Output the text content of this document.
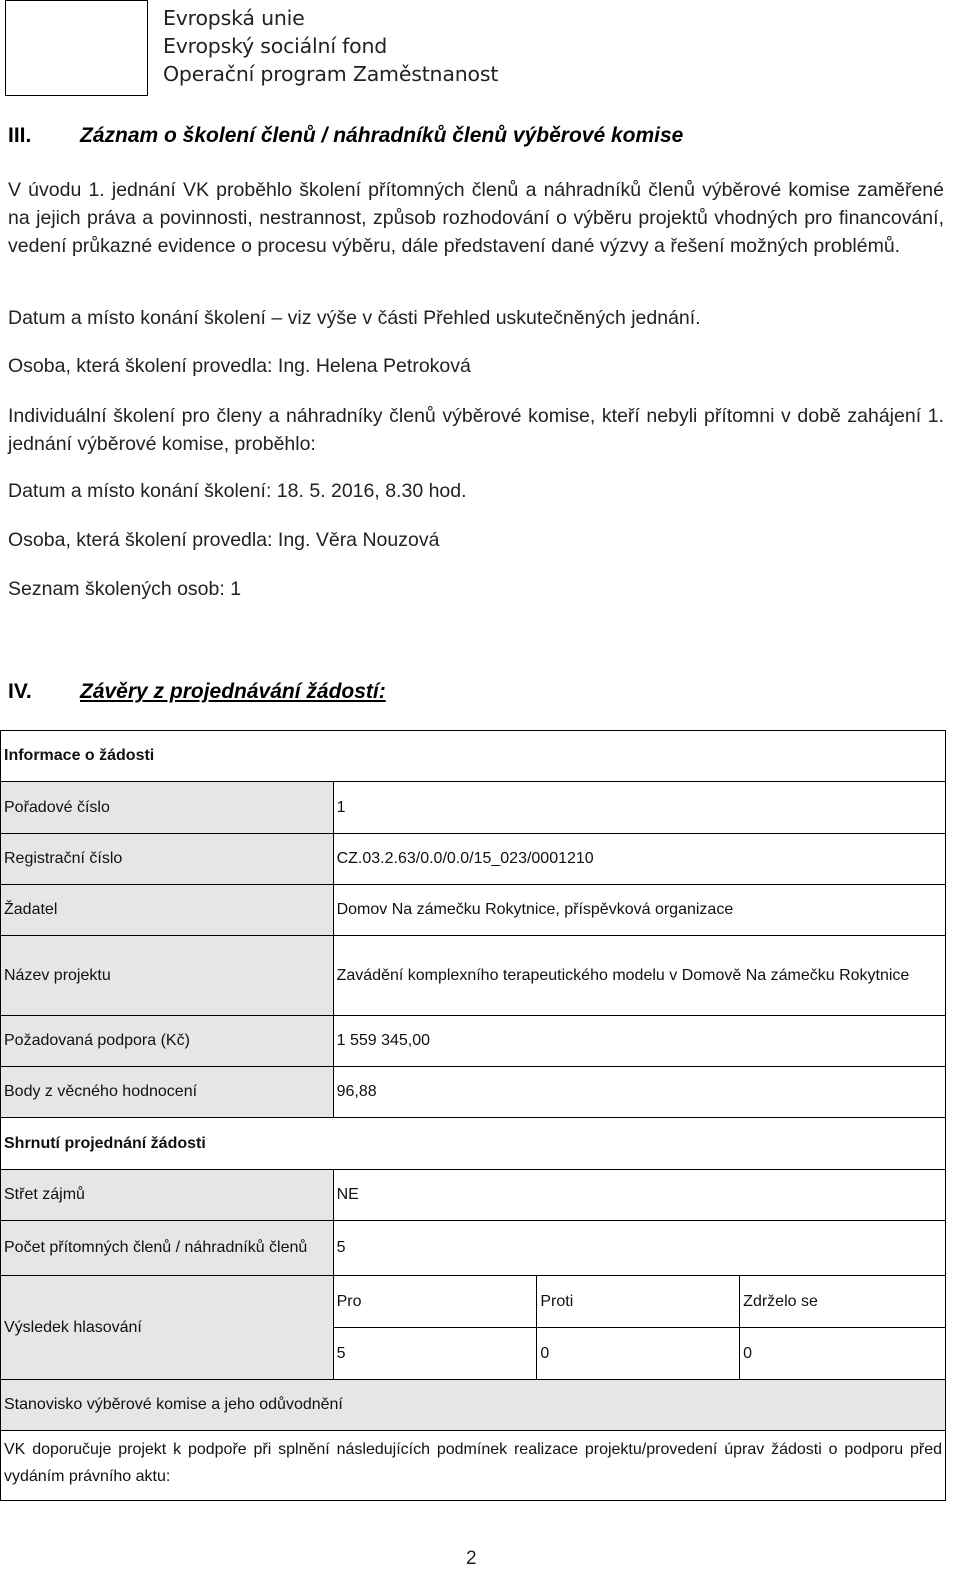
Evropská unie
Evropský sociální fond
Operační program Zaměstnanost
III. Záznam o školení členů / náhradníků členů výběrové komise
V úvodu 1. jednání VK proběhlo školení přítomných členů a náhradníků členů výběrové komise zaměřené na jejich práva a povinnosti, nestrannost, způsob rozhodování o výběru projektů vhodných pro financování, vedení průkazné evidence o procesu výběru, dále představení dané výzvy a řešení možných problémů.
Datum a místo konání školení – viz výše v části Přehled uskutečněných jednání.
Osoba, která školení provedla: Ing. Helena Petroková
Individuální školení pro členy a náhradníky členů výběrové komise, kteří nebyli přítomni v době zahájení 1. jednání výběrové komise, proběhlo:
Datum a místo konání školení: 18. 5. 2016, 8.30 hod.
Osoba, která školení provedla: Ing. Věra Nouzová
Seznam školených osob: 1
IV. Závěry z projednávání žádostí:
Informace o žádosti			
Pořadové číslo	1		
Registrační číslo	CZ.03.2.63/0.0/0.0/15_023/0001210		
Žadatel	Domov Na zámečku Rokytnice, příspěvková organizace		
Název projektu	Zavádění komplexního terapeutického modelu v Domově Na zámečku Rokytnice		
Požadovaná podpora (Kč)	1 559 345,00		
Body z věcného hodnocení	96,88		
Shrnutí projednání žádosti			
Střet zájmů	NE		
Počet přítomných členů / náhradníků členů	5		
Výsledek hlasování	Pro	Proti	Zdrželo se
	5	0	0
Stanovisko výběrové komise a jeho odůvodnění			
VK doporučuje projekt k podpoře při splnění následujících podmínek realizace projektu/provedení úprav žádosti o podporu před vydáním právního aktu:			
2
